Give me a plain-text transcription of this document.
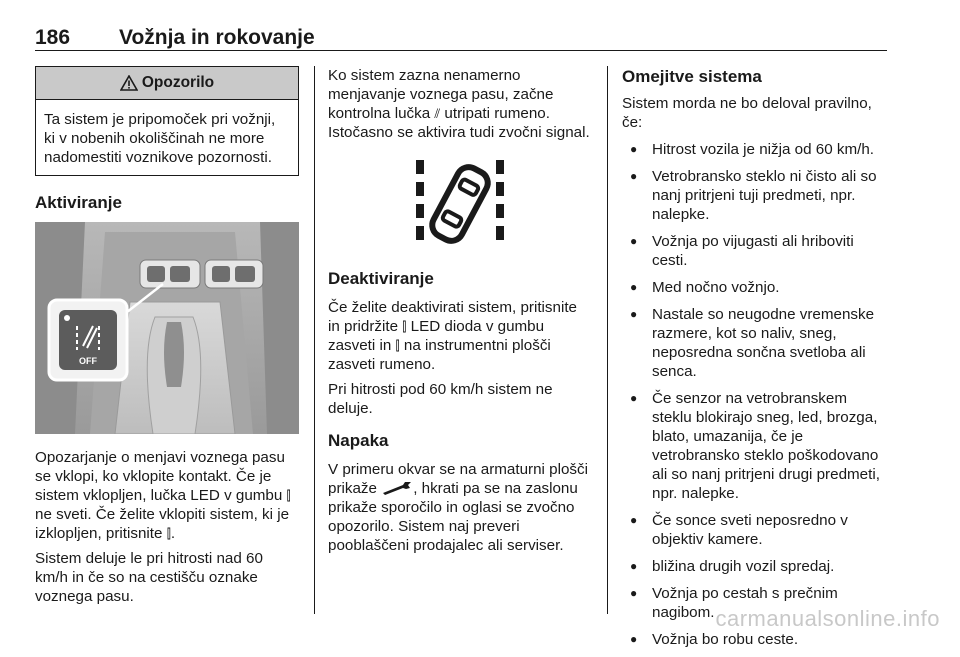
186 Vožnja in rokovanje
Opozorilo
Ta sistem je pripomoček pri vožnji, ki v nobenih okoliščinah ne more nadomestiti voznikove pozornosti.
Aktiviranje
OFF

Opozarjanje o menjavi voznega pasu se vklopi, ko vklopite kontakt. Če je sistem vklopljen, lučka LED v gumbu ⫿ ne sveti. Če želite vklopiti sistem, ki je izklopljen, pritisnite ⫿.

Sistem deluje le pri hitrosti nad 60 km/h in če so na cestišču oznake voznega pasu.

Ko sistem zazna nenamerno menjavanje voznega pasu, začne kontrolna lučka ⫽ utripati rumeno. Istočasno se aktivira tudi zvočni signal.

Deaktiviranje

Če želite deaktivirati sistem, pritisnite in pridržite ⫿ LED dioda v gumbu zasveti in ⫿ na instrumentni plošči zasveti rumeno.

Pri hitrosti pod 60 km/h sistem ne deluje.

Napaka

V primeru okvar se na armaturni plošči prikaže , hkrati pa se na zaslonu prikaže sporočilo in oglasi se zvočno opozorilo. Sistem naj preveri pooblaščeni prodajalec ali serviser.

Omejitve sistema

Sistem morda ne bo deloval pravilno, če:

● Hitrost vozila je nižja od 60 km/h.
● Vetrobransko steklo ni čisto ali so nanj pritrjeni tuji predmeti, npr. nalepke.
● Vožnja po vijugasti ali hriboviti cesti.
● Med nočno vožnjo.
● Nastale so neugodne vremenske razmere, kot so naliv, sneg, neposredna sončna svetloba ali senca.
● Če senzor na vetrobranskem steklu blokirajo sneg, led, brozga, blato, umazanija, če je vetrobransko steklo poškodovano ali so nanj pritrjeni drugi predmeti, npr. nalepke.
● Če sonce sveti neposredno v objektiv kamere.
● bližina drugih vozil spredaj.
● Vožnja po cestah s prečnim nagibom.
● Vožnja bo robu ceste.
carmanualsonline.info
